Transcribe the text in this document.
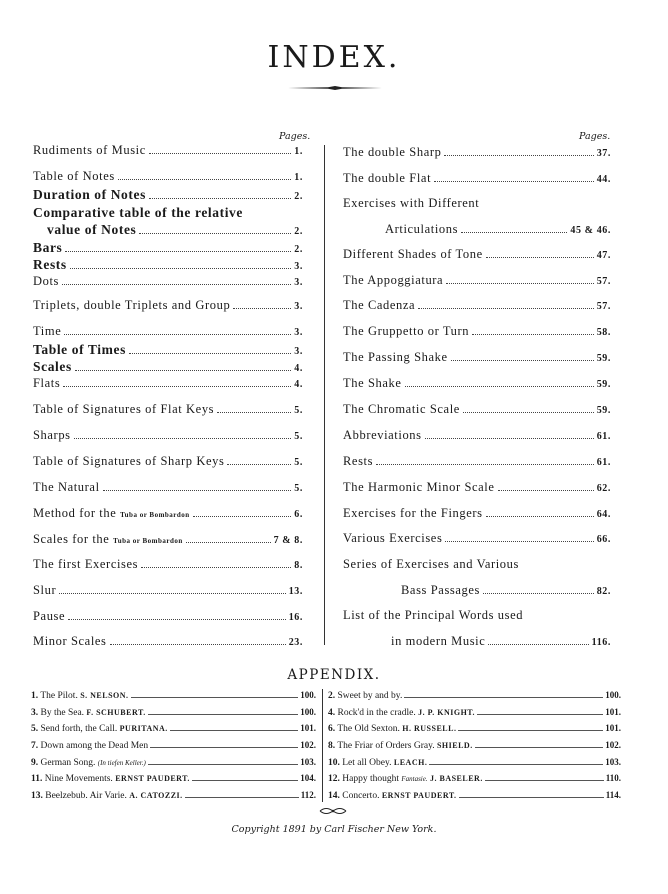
INDEX.
Pages.	Pages.
Rudiments of Music	1.
Table of Notes	1.
Duration of Notes	2.
Comparative table of the relative
value of Notes	2.
Bars	2.
Rests	3.
Dots	3.
Triplets, double Triplets and Group	3.
Time	3.
Table of Times	3.
Scales	4.
Flats	4.
Table of Signatures of Flat Keys	5.
Sharps	5.
Table of Signatures of Sharp Keys	5.
The Natural	5.
Method for the Tuba or Bombardon	6.
Scales for the Tuba or Bombardon	7 & 8.
The first Exercises	8.
Slur	13.
Pause	16.
Minor Scales	23.
The double Sharp	37.
The double Flat	44.
Exercises with Different
Articulations	45 & 46.
Different Shades of Tone	47.
The Appoggiatura	57.
The Cadenza	57.
The Gruppetto or Turn	58.
The Passing Shake	59.
The Shake	59.
The Chromatic Scale	59.
Abbreviations	61.
Rests	61.
The Harmonic Minor Scale	62.
Exercises for the Fingers	64.
Various Exercises	66.
Series of Exercises and Various
Bass Passages	82.
List of the Principal Words used
in modern Music	116.
APPENDIX.
1. The Pilot. S. NELSON.	100.
3. By the Sea. F. SCHUBERT.	100.
5. Send forth, the Call. PURITANA.	101.
7. Down among the Dead Men	102.
9. German Song. (In tiefen Keller.)	103.
11. Nine Movements. ERNST PAUDERT.	104.
13. Beelzebub. Air Varie. A. CATOZZI.	112.
2. Sweet by and by.	100.
4. Rock'd in the cradle. J. P. KNIGHT.	101.
6. The Old Sexton. H. RUSSELL.	101.
8. The Friar of Orders Gray. SHIELD.	102.
10. Let all Obey. LEACH.	103.
12. Happy thought Fantasie. J. BASELER.	110.
14. Concerto. ERNST PAUDERT.	114.
Copyright 1891 by Carl Fischer New York.
